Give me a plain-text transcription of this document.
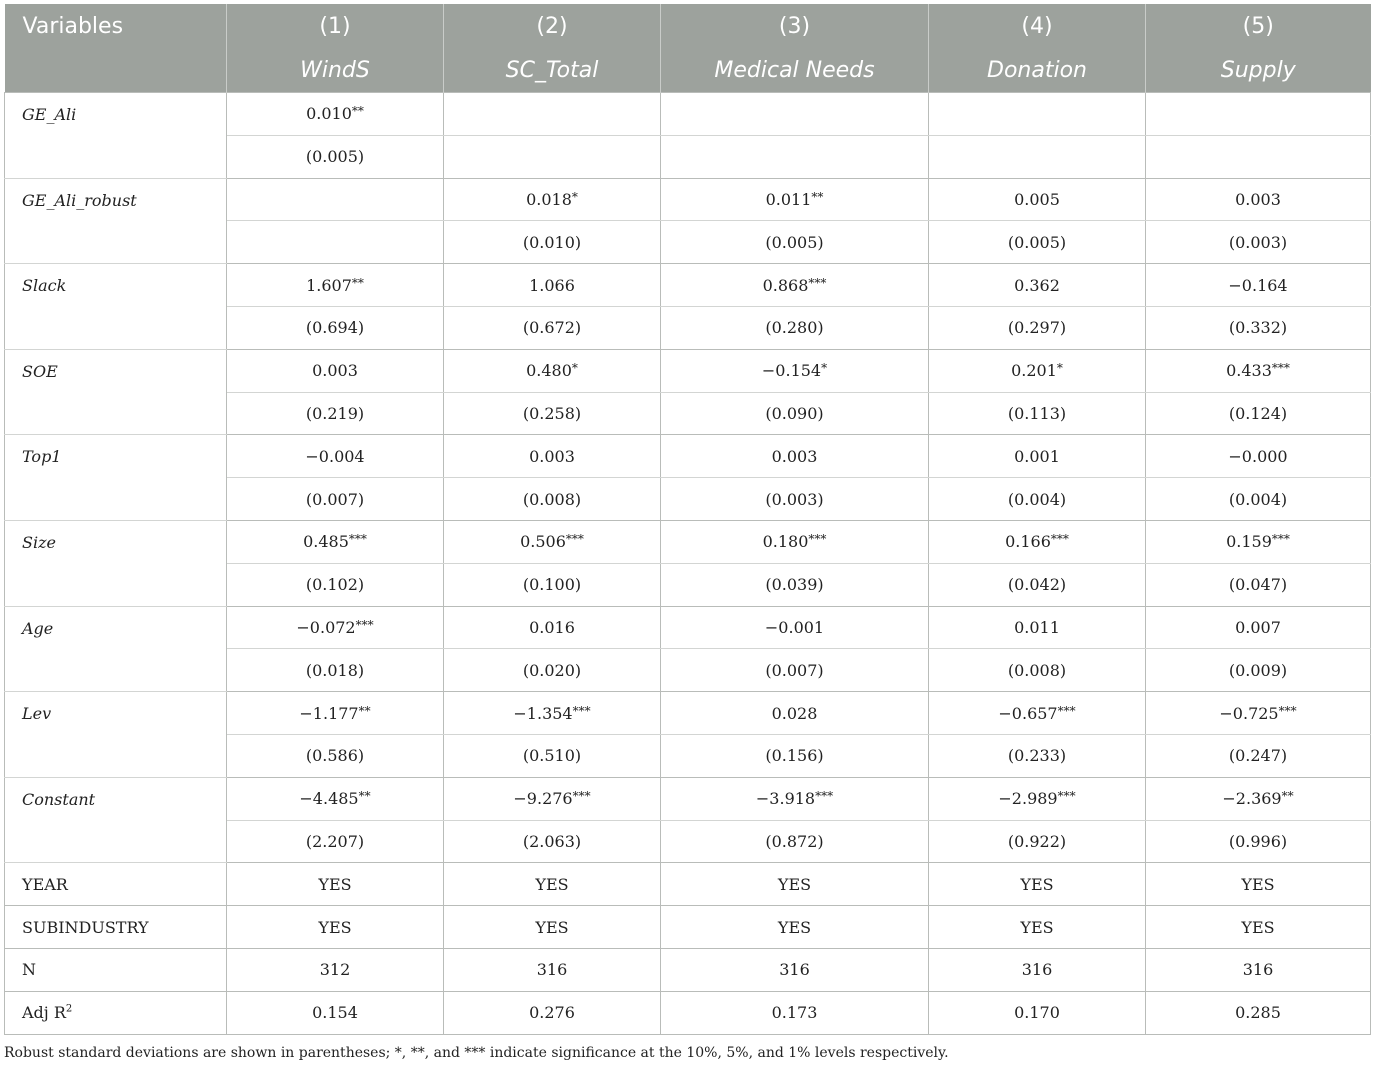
Variables	(1)	(2)	(3)	(4)	(5)
	WindS	SC_Total	Medical Needs	Donation	Supply
GE_Ali	0.010**				
	(0.005)				
GE_Ali_robust		0.018*	0.011**	0.005	0.003
		(0.010)	(0.005)	(0.005)	(0.003)
Slack	1.607**	1.066	0.868***	0.362	−0.164
	(0.694)	(0.672)	(0.280)	(0.297)	(0.332)
SOE	0.003	0.480*	−0.154*	0.201*	0.433***
	(0.219)	(0.258)	(0.090)	(0.113)	(0.124)
Top1	−0.004	0.003	0.003	0.001	−0.000
	(0.007)	(0.008)	(0.003)	(0.004)	(0.004)
Size	0.485***	0.506***	0.180***	0.166***	0.159***
	(0.102)	(0.100)	(0.039)	(0.042)	(0.047)
Age	−0.072***	0.016	−0.001	0.011	0.007
	(0.018)	(0.020)	(0.007)	(0.008)	(0.009)
Lev	−1.177**	−1.354***	0.028	−0.657***	−0.725***
	(0.586)	(0.510)	(0.156)	(0.233)	(0.247)
Constant	−4.485**	−9.276***	−3.918***	−2.989***	−2.369**
	(2.207)	(2.063)	(0.872)	(0.922)	(0.996)
YEAR	YES	YES	YES	YES	YES
SUBINDUSTRY	YES	YES	YES	YES	YES
N	312	316	316	316	316
Adj $R^2$	0.154	0.276	0.173	0.170	0.285
Robust standard deviations are shown in parentheses; *, **, and *** indicate significance at the 10%, 5%, and 1% levels respectively.
